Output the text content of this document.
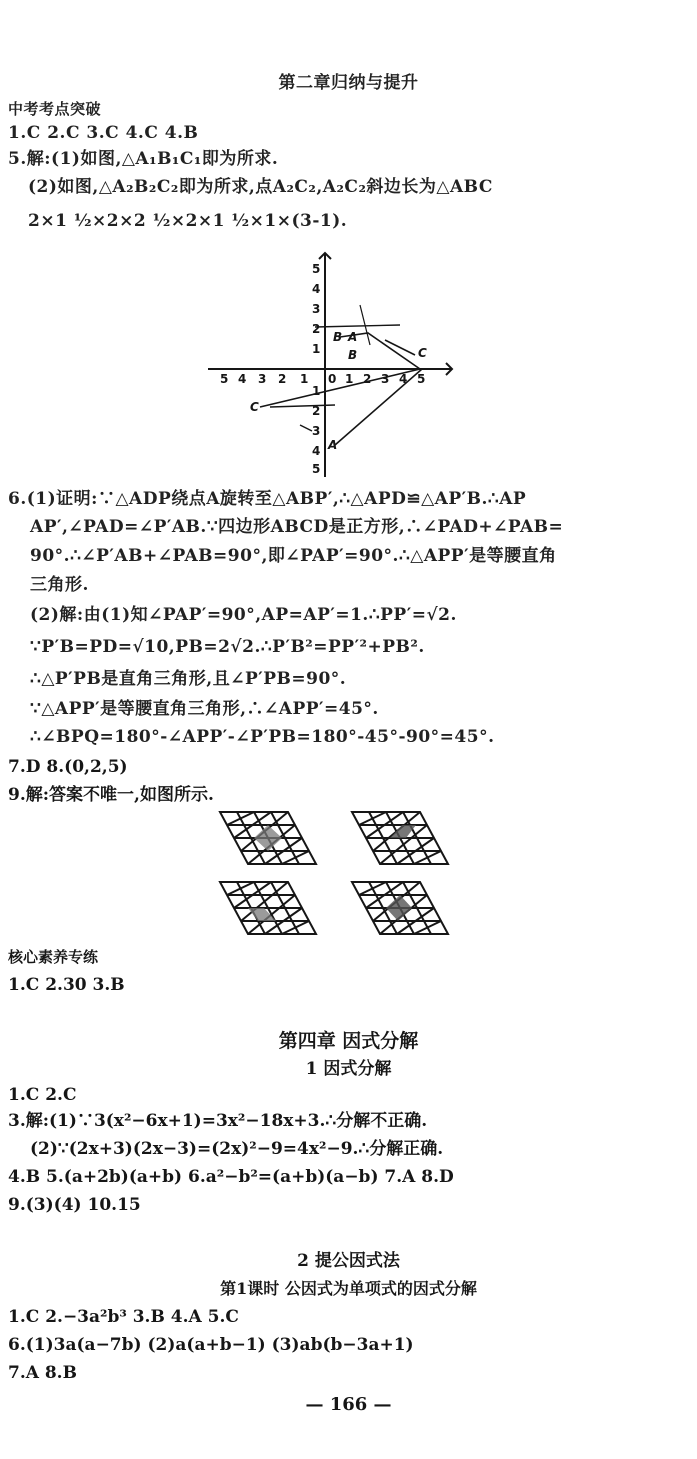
第二章归纳与提升
中考考点突破
1.C 2.C 3.C 4.C 4.B
5.解:(1)如图,△A₁B₁C₁即为所求.
(2)如图,△A₂B₂C₂即为所求,点A₂C₂,A₂C₂斜边长为△ABC
2×1 ½×2×2 ½×2×1 ½×1×(3-1).
5 4 3 2 1 0 1 2 3 4 5
5
4
3
2
1
1
2
3
4
5
A
B
C
B
C
A
6.(1)证明:∵△ADP绕点A旋转至△ABP′,∴△APD≌△AP′B.∴AP
AP′,∠PAD=∠P′AB.∵四边形ABCD是正方形,∴∠PAD+∠PAB=
90°.∴∠P′AB+∠PAB=90°,即∠PAP′=90°.∴△APP′是等腰直角
三角形.
(2)解:由(1)知∠PAP′=90°,AP=AP′=1.∴PP′=√2.
∵P′B=PD=√10,PB=2√2.∴P′B²=PP′²+PB².
∴△P′PB是直角三角形,且∠P′PB=90°.
∵△APP′是等腰直角三角形,∴∠APP′=45°.
∴∠BPQ=180°-∠APP′-∠P′PB=180°-45°-90°=45°.
7.D 8.(0,2,5)
9.解:答案不唯一,如图所示.
核心素养专练
1.C 2.30 3.B
第四章 因式分解
1 因式分解
1.C 2.C
3.解:(1)∵3(x²−6x+1)=3x²−18x+3.∴分解不正确.
(2)∵(2x+3)(2x−3)=(2x)²−9=4x²−9.∴分解正确.
4.B 5.(a+2b)(a+b) 6.a²−b²=(a+b)(a−b) 7.A 8.D
9.(3)(4) 10.15
2 提公因式法
第1课时 公因式为单项式的因式分解
1.C 2.−3a²b³ 3.B 4.A 5.C
6.(1)3a(a−7b) (2)a(a+b−1) (3)ab(b−3a+1)
7.A 8.B
— 166 —
